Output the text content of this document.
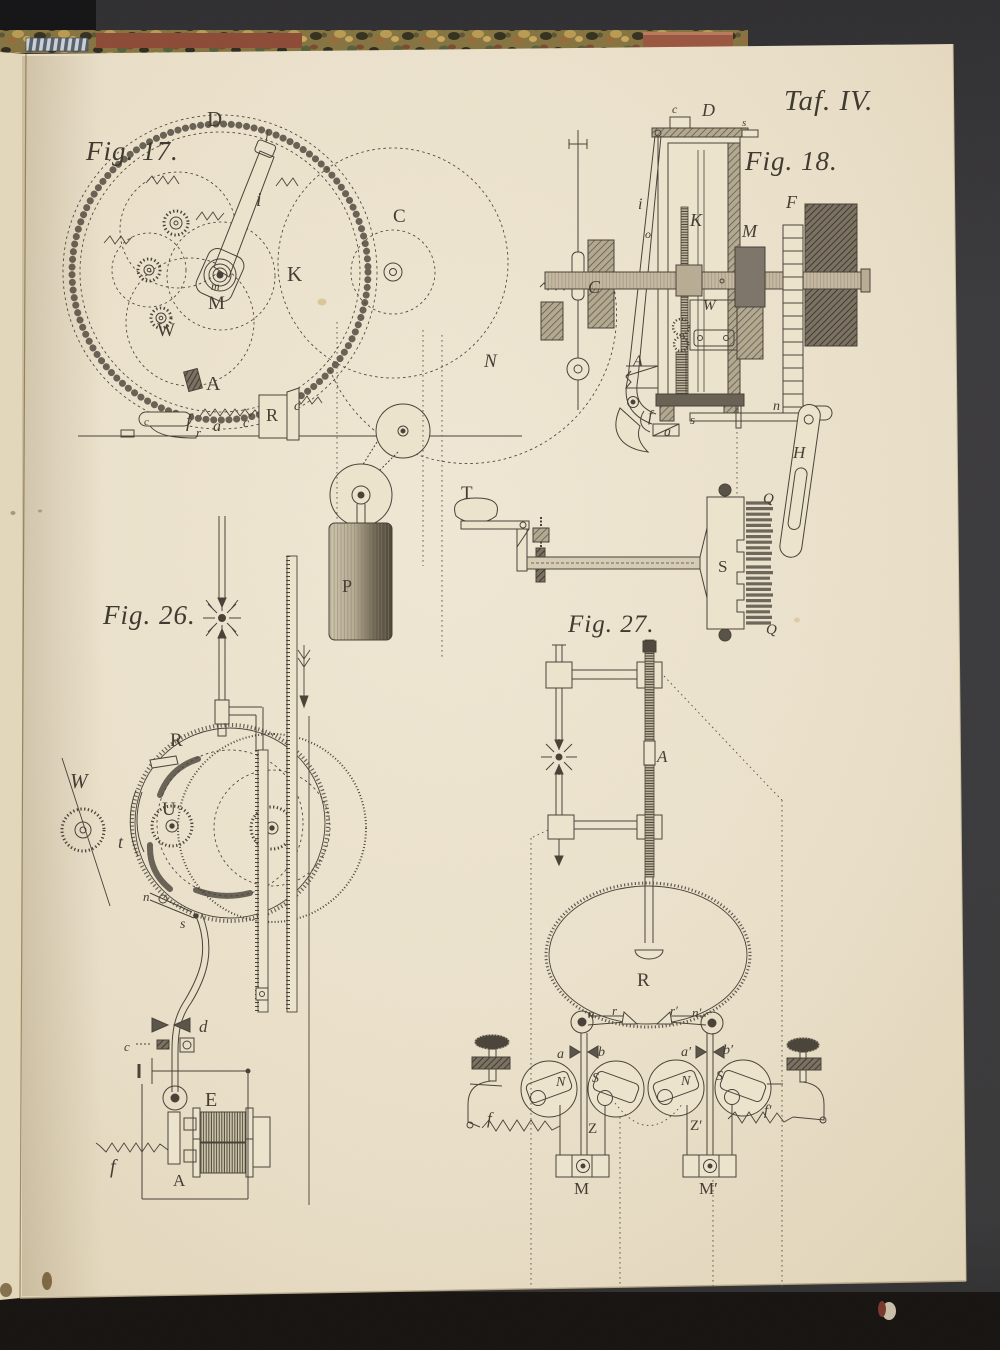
Taf. IV.
Fig. 17.
D
i
C
K
m
M
W
N
A
c f
r a c R c
P
Fig. 18.
c D
s
C
i
o
K
M
F
W
A
f
a
s
n
H
T
S
Q
Q
Fig. 26.
R
W
U
t
n
s
d
c
E
A
f
Fig. 27.
A
R
n r	r′ n′
a b	a′ b′
N S	N S
Z	Z′
f	f′
M	M′
